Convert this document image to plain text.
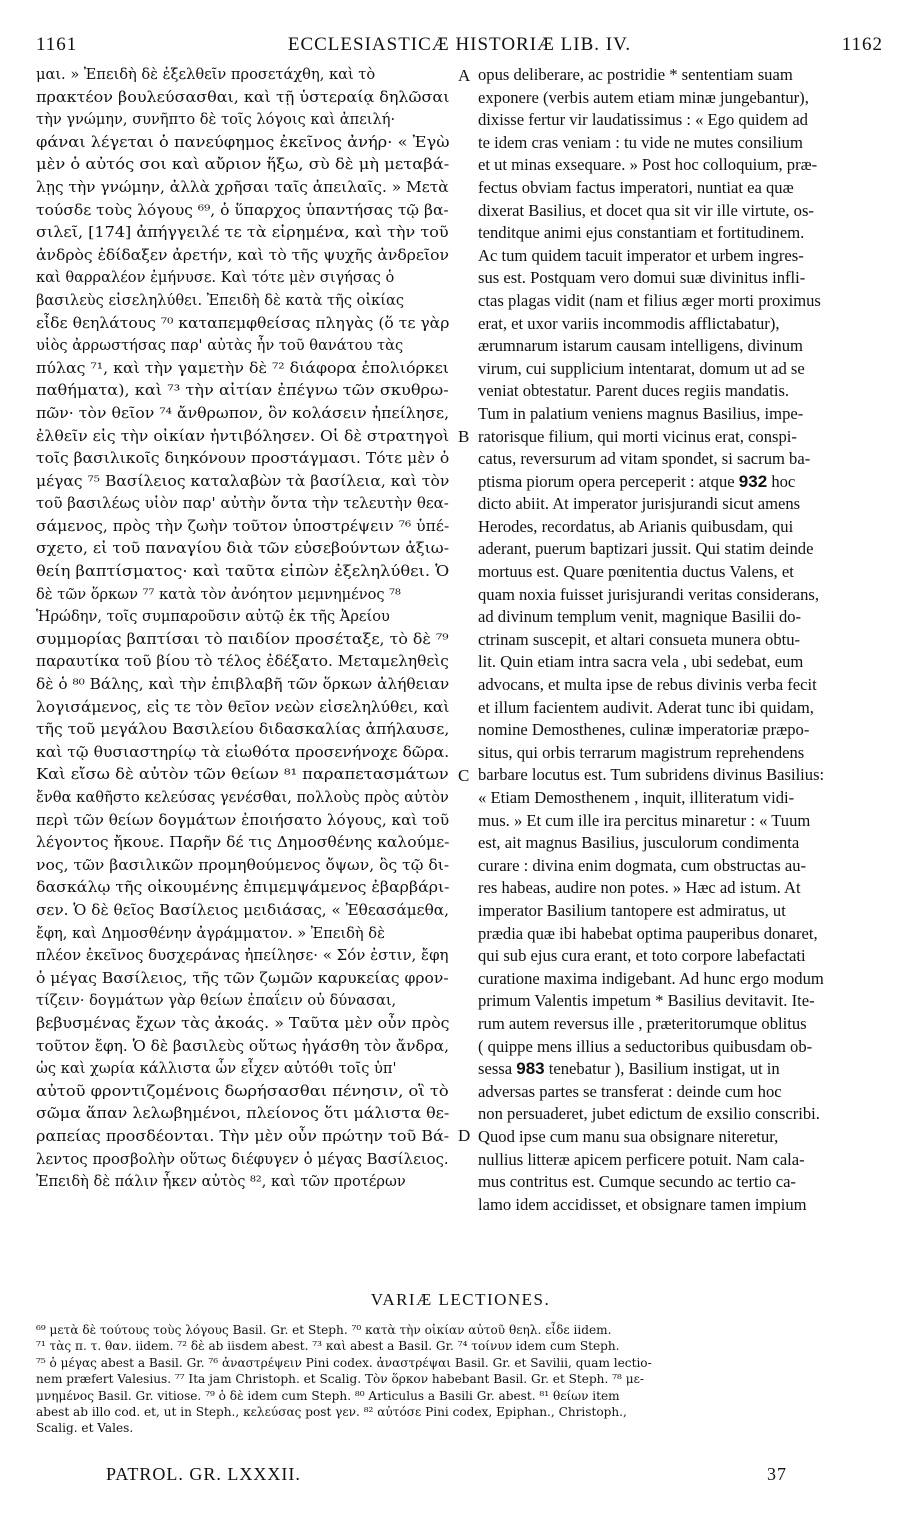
1161	ECCLESIASTICÆ HISTORIÆ LIB. IV.	1162
μαι. » Ἐπειδὴ δὲ ἐξελθεῖν προσετάχθη, καὶ τὸ
πρακτέον βουλεύσασθαι, καὶ τῇ ὑστεραίᾳ δηλῶσαι
τὴν γνώμην, συνῆπτο δὲ τοῖς λόγοις καὶ ἀπειλή·
φάναι λέγεται ὁ πανεύφημος ἐκεῖνος ἀνήρ· « Ἐγὼ
μὲν ὁ αὐτός σοι καὶ αὔριον ἥξω, σὺ δὲ μὴ μεταβά-
λῃς τὴν γνώμην, ἀλλὰ χρῆσαι ταῖς ἀπειλαῖς. » Μετὰ
τούσδε τοὺς λόγους ⁶⁹, ὁ ὕπαρχος ὑπαντήσας τῷ βα-
σιλεῖ, [174] ἀπήγγειλέ τε τὰ εἰρημένα, καὶ τὴν τοῦ
ἀνδρὸς ἐδίδαξεν ἀρετήν, καὶ τὸ τῆς ψυχῆς ἀνδρεῖον
καὶ θαρραλέον ἐμήνυσε. Καὶ τότε μὲν σιγήσας ὁ
βασιλεὺς εἰσεληλύθει. Ἐπειδὴ δὲ κατὰ τῆς οἰκίας
εἶδε θεηλάτους ⁷⁰ καταπεμφθείσας πληγὰς (ὅ τε γὰρ
υἱὸς ἀρρωστήσας παρ' αὐτὰς ἦν τοῦ θανάτου τὰς
πύλας ⁷¹, καὶ τὴν γαμετὴν δὲ ⁷² διάφορα ἐπολιόρκει
παθήματα), καὶ ⁷³ τὴν αἰτίαν ἐπέγνω τῶν σκυθρω-
πῶν· τὸν θεῖον ⁷⁴ ἄνθρωπον, ὃν κολάσειν ἠπείλησε,
ἐλθεῖν εἰς τὴν οἰκίαν ἠντιβόλησεν. Οἱ δὲ στρατηγοὶ
τοῖς βασιλικοῖς διηκόνουν προστάγμασι. Τότε μὲν ὁ
μέγας ⁷⁵ Βασίλειος καταλαβὼν τὰ βασίλεια, καὶ τὸν
τοῦ βασιλέως υἱὸν παρ' αὐτὴν ὄντα τὴν τελευτὴν θεα-
σάμενος, πρὸς τὴν ζωὴν τοῦτον ὑποστρέψειν ⁷⁶ ὑπέ-
σχετο, εἰ τοῦ παναγίου διὰ τῶν εὐσεβούντων ἀξιω-
θείη βαπτίσματος· καὶ ταῦτα εἰπὼν ἐξεληλύθει. Ὁ
δὲ τῶν ὅρκων ⁷⁷ κατὰ τὸν ἀνόητον μεμνημένος ⁷⁸
Ἡρώδην, τοῖς συμπαροῦσιν αὐτῷ ἐκ τῆς Ἀρείου
συμμορίας βαπτίσαι τὸ παιδίον προσέταξε, τὸ δὲ ⁷⁹
παραυτίκα τοῦ βίου τὸ τέλος ἐδέξατο. Μεταμεληθεὶς
δὲ ὁ ⁸⁰ Βάλης, καὶ τὴν ἐπιβλαβῆ τῶν ὅρκων ἀλήθειαν
λογισάμενος, εἰς τε τὸν θεῖον νεὼν εἰσεληλύθει, καὶ
τῆς τοῦ μεγάλου Βασιλείου διδασκαλίας ἀπήλαυσε,
καὶ τῷ θυσιαστηρίῳ τὰ εἰωθότα προσενήνοχε δῶρα.
Καὶ εἴσω δὲ αὐτὸν τῶν θείων ⁸¹ παραπετασμάτων
ἔνθα καθῆστο κελεύσας γενέσθαι, πολλοὺς πρὸς αὐτὸν
περὶ τῶν θείων δογμάτων ἐποιήσατο λόγους, καὶ τοῦ
λέγοντος ἤκουε. Παρῆν δέ τις Δημοσθένης καλούμε-
νος, τῶν βασιλικῶν προμηθούμενος ὄψων, ὃς τῷ δι-
δασκάλῳ τῆς οἰκουμένης ἐπιμεμψάμενος ἐβαρβάρι-
σεν. Ὁ δὲ θεῖος Βασίλειος μειδιάσας, « Ἐθεασάμεθα,
ἔφη, καὶ Δημοσθένην ἀγράμματον. » Ἐπειδὴ δὲ
πλέον ἐκεῖνος δυσχεράνας ἠπείλησε· « Σόν ἐστιν, ἔφη
ὁ μέγας Βασίλειος, τῆς τῶν ζωμῶν καρυκείας φρον-
τίζειν· δογμάτων γὰρ θείων ἐπαΐειν οὐ δύνασαι,
βεβυσμένας ἔχων τὰς ἀκοάς. » Ταῦτα μὲν οὖν πρὸς
τοῦτον ἔφη. Ὁ δὲ βασιλεὺς οὕτως ἠγάσθη τὸν ἄνδρα,
ὡς καὶ χωρία κάλλιστα ὧν εἶχεν αὐτόθι τοῖς ὑπ'
αὐτοῦ φροντιζομένοις δωρήσασθαι πένησιν, οἳ τὸ
σῶμα ἅπαν λελωβημένοι, πλείονος ὅτι μάλιστα θε-
ραπείας προσδέονται. Τὴν μὲν οὖν πρώτην τοῦ Βά-
λεντος προσβολὴν οὕτως διέφυγεν ὁ μέγας Βασίλειος.
Ἐπειδὴ δὲ πάλιν ἧκεν αὐτὸς ⁸², καὶ τῶν προτέρων
A
B
C
D
opus deliberare, ac postridie * sententiam suam
exponere (verbis autem etiam minæ jungebantur),
dixisse fertur vir laudatissimus : « Ego quidem ad
te idem cras veniam : tu vide ne mutes consilium
et ut minas exsequare. » Post hoc colloquium, præ-
fectus obviam factus imperatori, nuntiat ea quæ
dixerat Basilius, et docet qua sit vir ille virtute, os-
tenditque animi ejus constantiam et fortitudinem.
Ac tum quidem tacuit imperator et urbem ingres-
sus est. Postquam vero domui suæ divinitus infli-
ctas plagas vidit (nam et filius æger morti proximus
erat, et uxor variis incommodis afflictabatur),
ærumnarum istarum causam intelligens, divinum
virum, cui supplicium intentarat, domum ut ad se
veniat obtestatur. Parent duces regiis mandatis.
Tum in palatium veniens magnus Basilius, impe-
ratorisque filium, qui morti vicinus erat, conspi-
catus, reversurum ad vitam spondet, si sacrum ba-
ptisma piorum opera perceperit : atque 932 hoc
dicto abiit. At imperator jurisjurandi sicut amens
Herodes, recordatus, ab Arianis quibusdam, qui
aderant, puerum baptizari jussit. Qui statim deinde
mortuus est. Quare pœnitentia ductus Valens, et
quam noxia fuisset jurisjurandi veritas considerans,
ad divinum templum venit, magnique Basilii do-
ctrinam suscepit, et altari consueta munera obtu-
lit. Quin etiam intra sacra vela , ubi sedebat, eum
advocans, et multa ipse de rebus divinis verba fecit
et illum facientem audivit. Aderat tunc ibi quidam,
nomine Demosthenes, culinæ imperatoriæ præpo-
situs, qui orbis terrarum magistrum reprehendens
barbare locutus est. Tum subridens divinus Basilius:
« Etiam Demosthenem , inquit, illiteratum vidi-
mus. » Et cum ille ira percitus minaretur : « Tuum
est, ait magnus Basilius, jusculorum condimenta
curare : divina enim dogmata, cum obstructas au-
res habeas, audire non potes. » Hæc ad istum. At
imperator Basilium tantopere est admiratus, ut
prædia quæ ibi habebat optima pauperibus donaret,
qui sub ejus cura erant, et toto corpore labefactati
curatione maxima indigebant. Ad hunc ergo modum
primum Valentis impetum * Basilius devitavit. Ite-
rum autem reversus ille , præteritorumque oblitus
( quippe mens illius a seductoribus quibusdam ob-
sessa 983 tenebatur ), Basilium instigat, ut in
adversas partes se transferat : deinde cum hoc
non persuaderet, jubet edictum de exsilio conscribi.
Quod ipse cum manu sua obsignare niteretur,
nullius litteræ apicem perficere potuit. Nam cala-
mus contritus est. Cumque secundo ac tertio ca-
lamo idem accidisset, et obsignare tamen impium
VARIÆ LECTIONES.
⁶⁹ μετὰ δὲ τούτους τοὺς λόγους Basil. Gr. et Steph. ⁷⁰ κατὰ τὴν οἰκίαν αὐτοῦ θεηλ. εἶδε iidem.
⁷¹ τὰς π. τ. θαν. iidem. ⁷² δὲ ab iisdem abest. ⁷³ καὶ abest a Basil. Gr. ⁷⁴ τοίνυν idem cum Steph.
⁷⁵ ὁ μέγας abest a Basil. Gr. ⁷⁶ ἀναστρέψειν Pini codex. ἀναστρέψαι Basil. Gr. et Savilii, quam lectio-
nem præfert Valesius. ⁷⁷ Ita jam Christoph. et Scalig. Τὸν ὅρκον habebant Basil. Gr. et Steph. ⁷⁸ με-
μνημένος Basil. Gr. vitiose. ⁷⁹ ὁ δὲ idem cum Steph. ⁸⁰ Articulus a Basili Gr. abest. ⁸¹ θείων item
abest ab illo cod. et, ut in Steph., κελεύσας post γεν. ⁸² αὐτόσε Pini codex, Epiphan., Christoph.,
Scalig. et Vales.
PATROL. GR. LXXXII.	37
